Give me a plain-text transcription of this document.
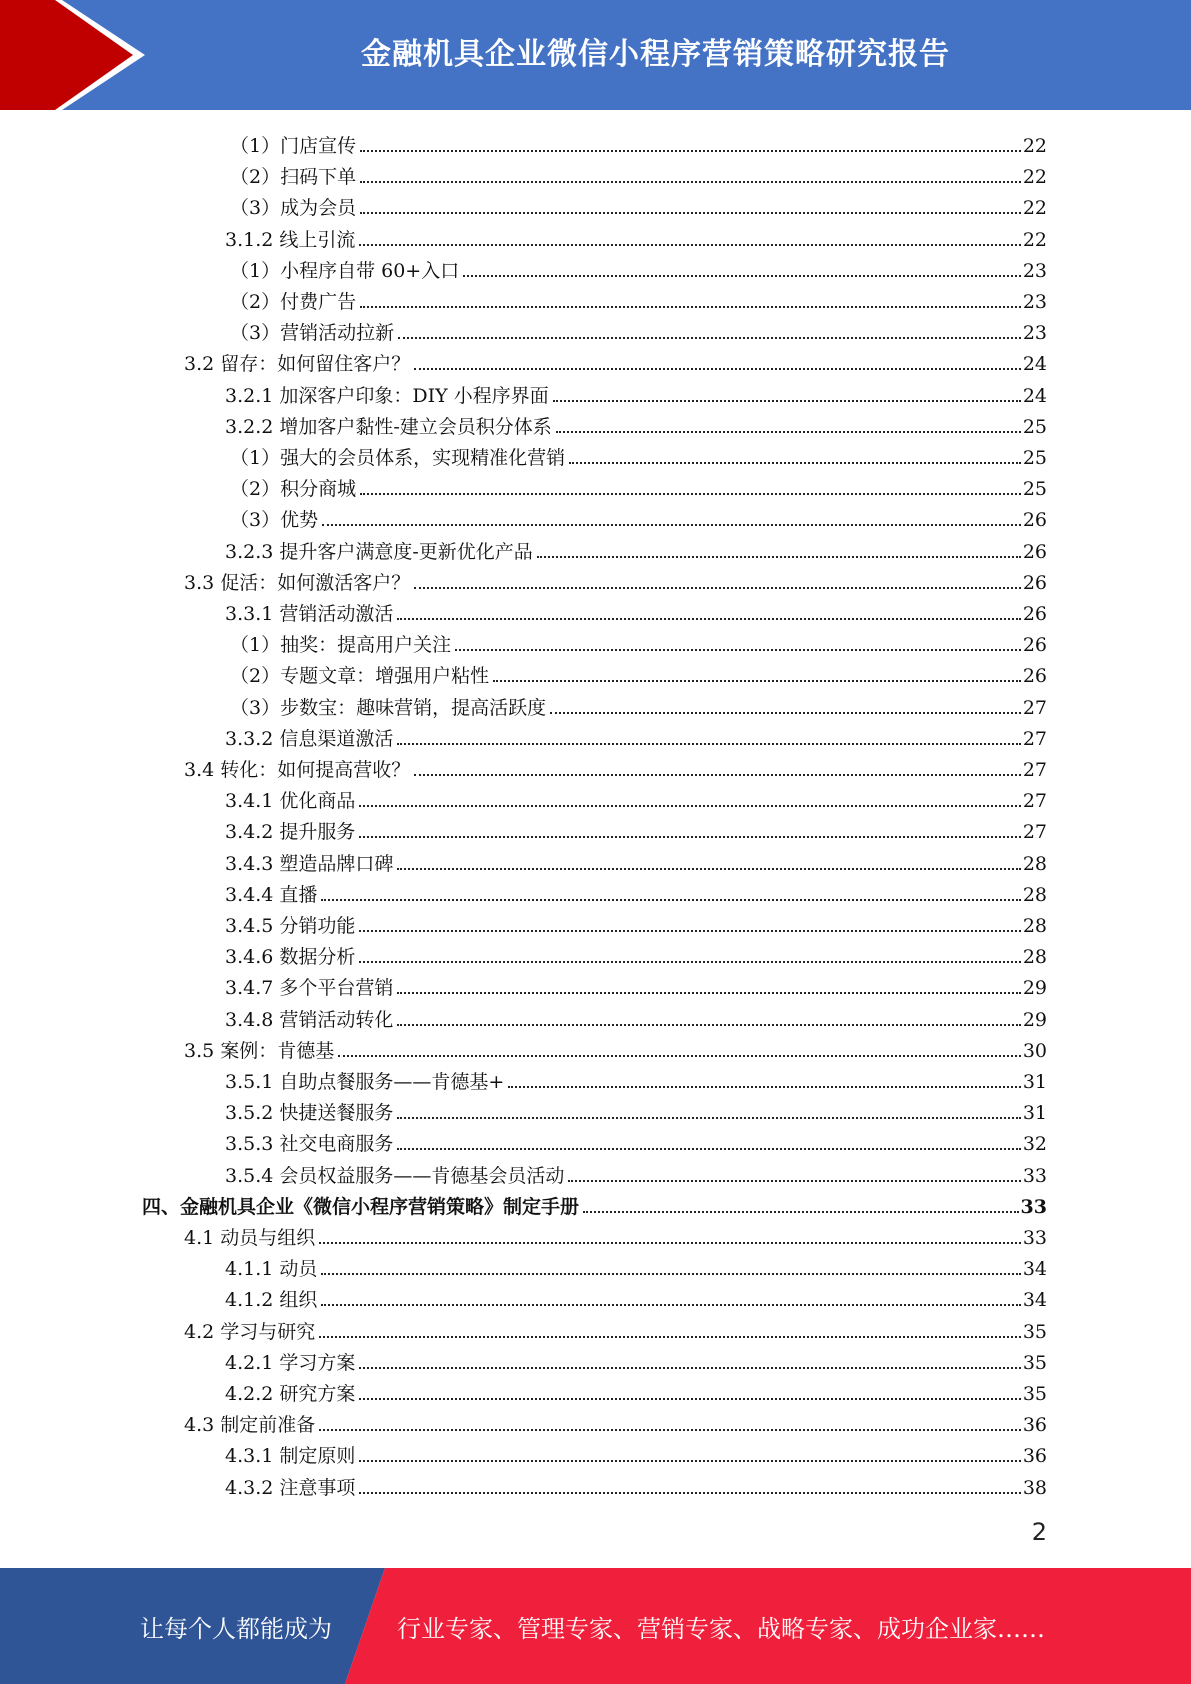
金融机具企业微信小程序营销策略研究报告
（1）门店宣传	22
（2）扫码下单	22
（3）成为会员	22
3.1.2 线上引流	22
（1）小程序自带 60+入口	23
（2）付费广告	23
（3）营销活动拉新	23
3.2 留存：如何留住客户？	24
3.2.1 加深客户印象：DIY 小程序界面	24
3.2.2 增加客户黏性-建立会员积分体系	25
（1）强大的会员体系，实现精准化营销	25
（2）积分商城	25
（3）优势	26
3.2.3 提升客户满意度-更新优化产品	26
3.3 促活：如何激活客户？	26
3.3.1 营销活动激活	26
（1）抽奖：提高用户关注	26
（2）专题文章：增强用户粘性	26
（3）步数宝：趣味营销，提高活跃度	27
3.3.2 信息渠道激活	27
3.4 转化：如何提高营收？	27
3.4.1 优化商品	27
3.4.2 提升服务	27
3.4.3 塑造品牌口碑	28
3.4.4 直播	28
3.4.5 分销功能	28
3.4.6 数据分析	28
3.4.7 多个平台营销	29
3.4.8 营销活动转化	29
3.5 案例：肯德基	30
3.5.1 自助点餐服务——肯德基+	31
3.5.2 快捷送餐服务	31
3.5.3 社交电商服务	32
3.5.4 会员权益服务——肯德基会员活动	33
四、金融机具企业《微信小程序营销策略》制定手册	33
4.1 动员与组织	33
4.1.1 动员	34
4.1.2 组织	34
4.2 学习与研究	35
4.2.1 学习方案	35
4.2.2 研究方案	35
4.3 制定前准备	36
4.3.1 制定原则	36
4.3.2 注意事项	38
2
让每个人都能成为	行业专家、管理专家、营销专家、战略专家、成功企业家……
